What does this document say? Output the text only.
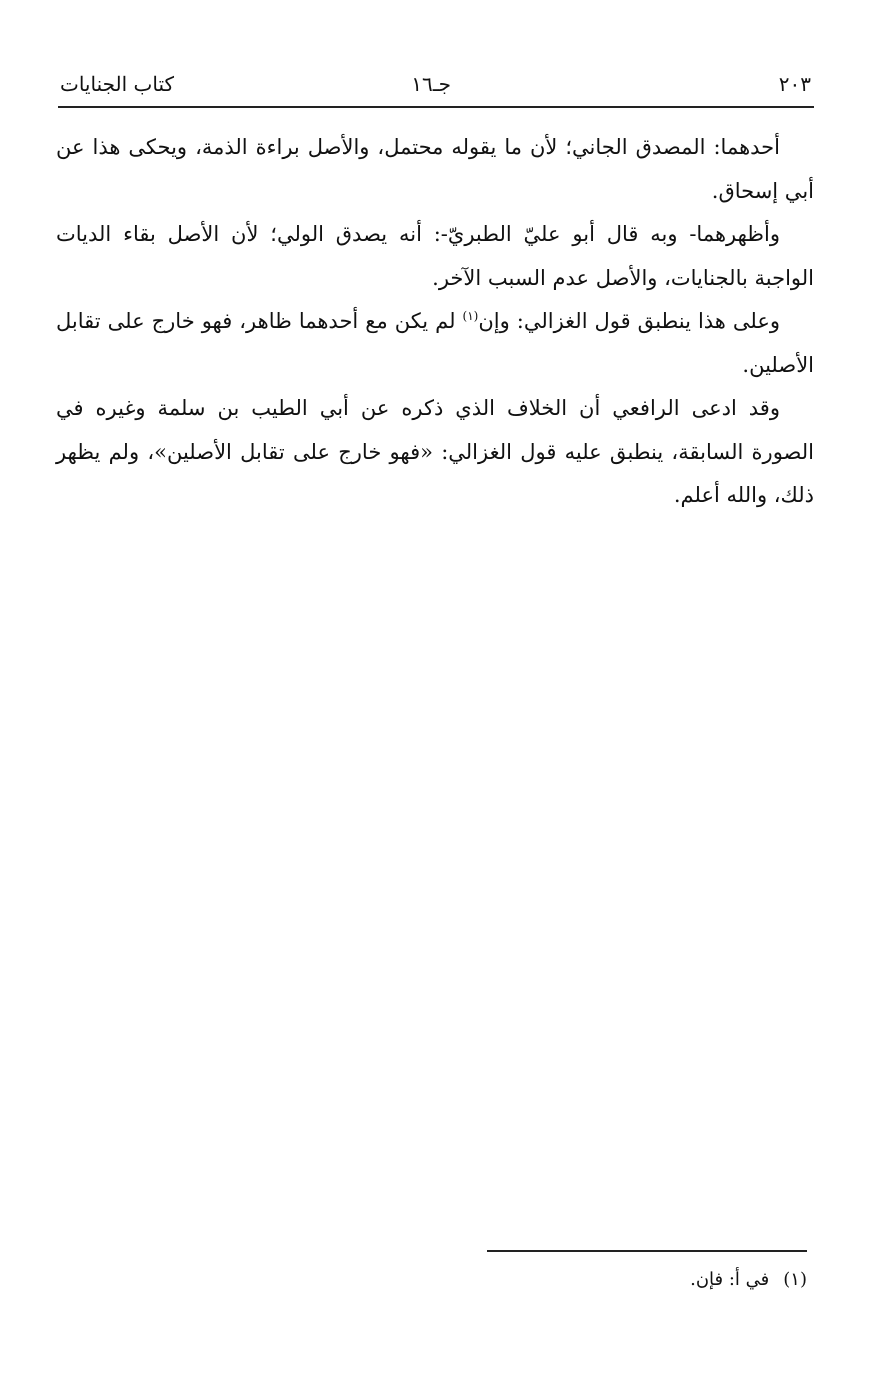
٢٠٣
جـ١٦
كتاب الجنايات

أحدهما: المصدق الجاني؛ لأن ما يقوله محتمل، والأصل براءة الذمة، ويحكى هذا عن أبي إسحاق.

وأظهرهما- وبه قال أبو عليّ الطبريّ-: أنه يصدق الولي؛ لأن الأصل بقاء الديات الواجبة بالجنايات، والأصل عدم السبب الآخر.

وعلى هذا ينطبق قول الغزالي: وإن$^{(١)}$ لم يكن مع أحدهما ظاهر، فهو خارج على تقابل الأصلين.

وقد ادعى الرافعي أن الخلاف الذي ذكره عن أبي الطيب بن سلمة وغيره في الصورة السابقة، ينطبق عليه قول الغزالي: «فهو خارج على تقابل الأصلين»، ولم يظهر ذلك، والله أعلم.

(١)في أ: فإن.
